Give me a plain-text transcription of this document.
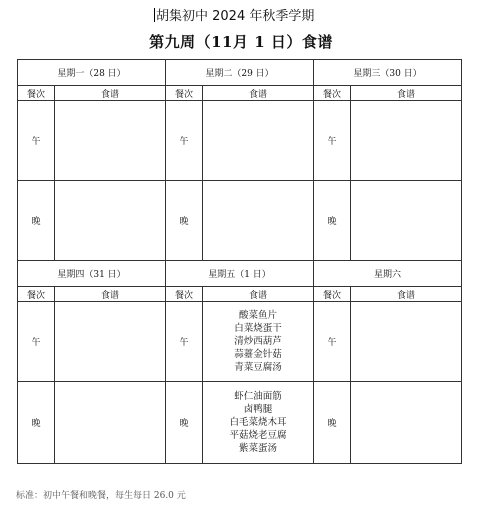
胡集初中 2024 年秋季学期
第九周（11月 1 日）食谱
星期一（28 日）		星期二（29 日）		星期三（30 日）	
餐次	食谱	餐次	食谱	餐次	食谱
午		午		午	
晚		晚		晚	
星期四（31 日）		星期五（1 日）		星期六	
餐次	食谱	餐次	食谱	餐次	食谱
午		午	酸菜鱼片
白菜烧蛋干
清炒西葫芦
蒜薹金针菇
青菜豆腐汤	午	
晚		晚	虾仁油面筋
卤鸭腿
白毛菜烧木耳
平菇烧老豆腐
紫菜蛋汤	晚	
标准：初中午餐和晚餐，每生每日 26.0 元
